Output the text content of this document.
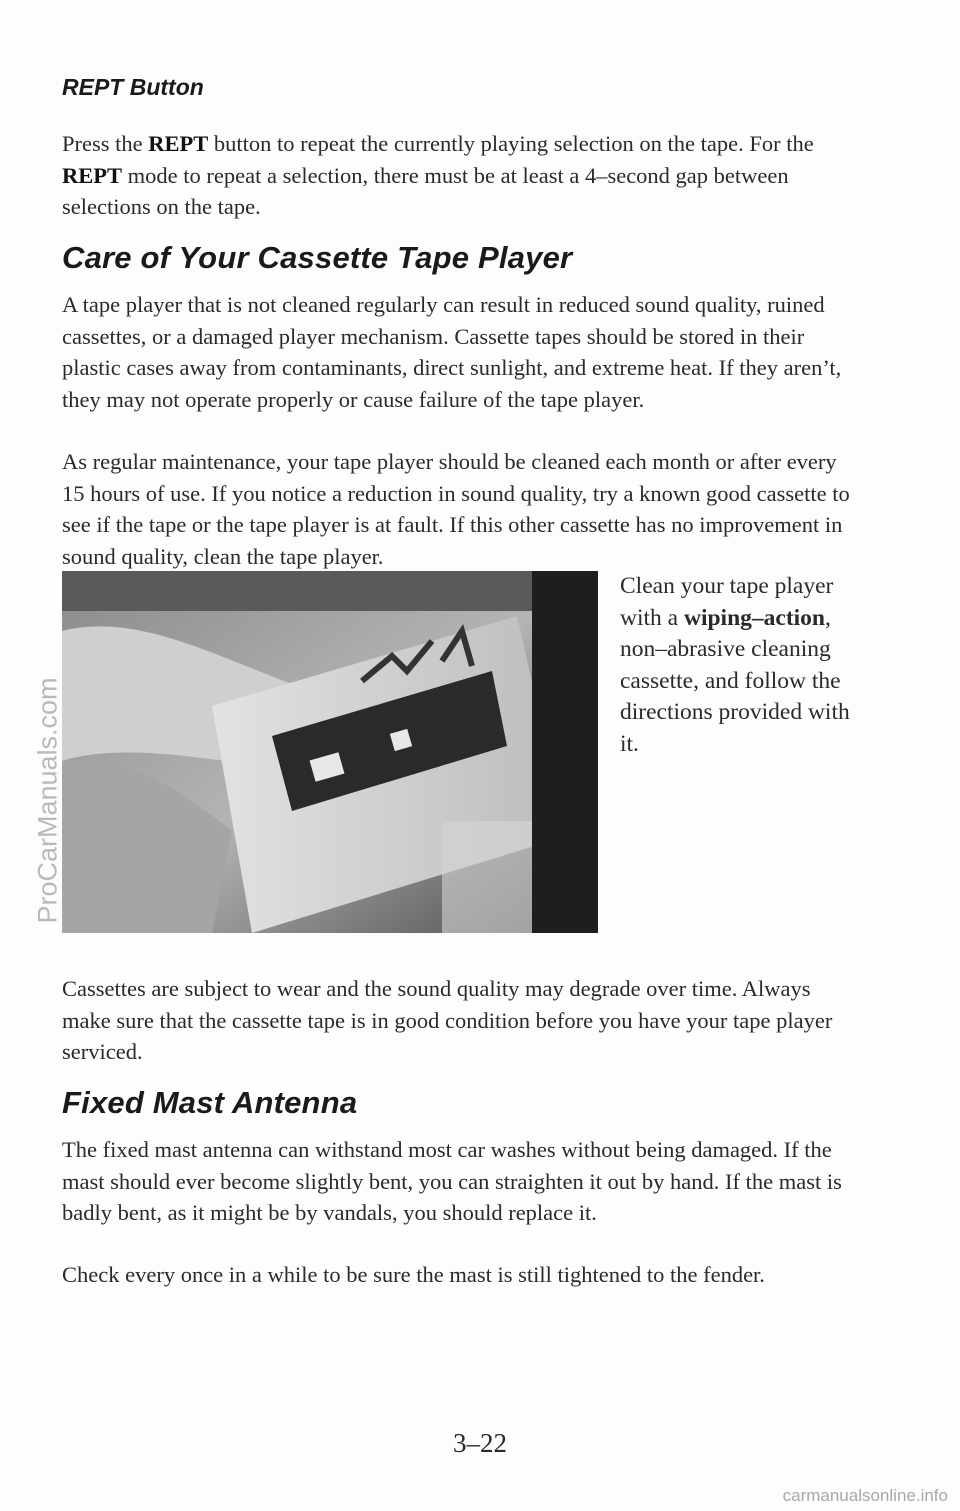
REPT Button
Press the REPT button to repeat the currently playing selection on the tape. For the REPT mode to repeat a selection, there must be at least a 4–second gap between selections on the tape.
Care of Your Cassette Tape Player
A tape player that is not cleaned regularly can result in reduced sound quality, ruined cassettes, or a damaged player mechanism. Cassette tapes should be stored in their plastic cases away from contaminants, direct sunlight, and extreme heat. If they aren’t, they may not operate properly or cause failure of the tape player.
As regular maintenance, your tape player should be cleaned each month or after every 15 hours of use. If you notice a reduction in sound quality, try a known good cassette to see if the tape or the tape player is at fault. If this other cassette has no improvement in sound quality, clean the tape player.
Clean your tape player with a wiping–action, non–abrasive cleaning cassette, and follow the directions provided with it.
Cassettes are subject to wear and the sound quality may degrade over time. Always make sure that the cassette tape is in good condition before you have your tape player serviced.
Fixed Mast Antenna
The fixed mast antenna can withstand most car washes without being damaged. If the mast should ever become slightly bent, you can straighten it out by hand. If the mast is badly bent, as it might be by vandals, you should replace it.
Check every once in a while to be sure the mast is still tightened to the fender.
3–22
ProCarManuals.com
carmanualsonline.info
